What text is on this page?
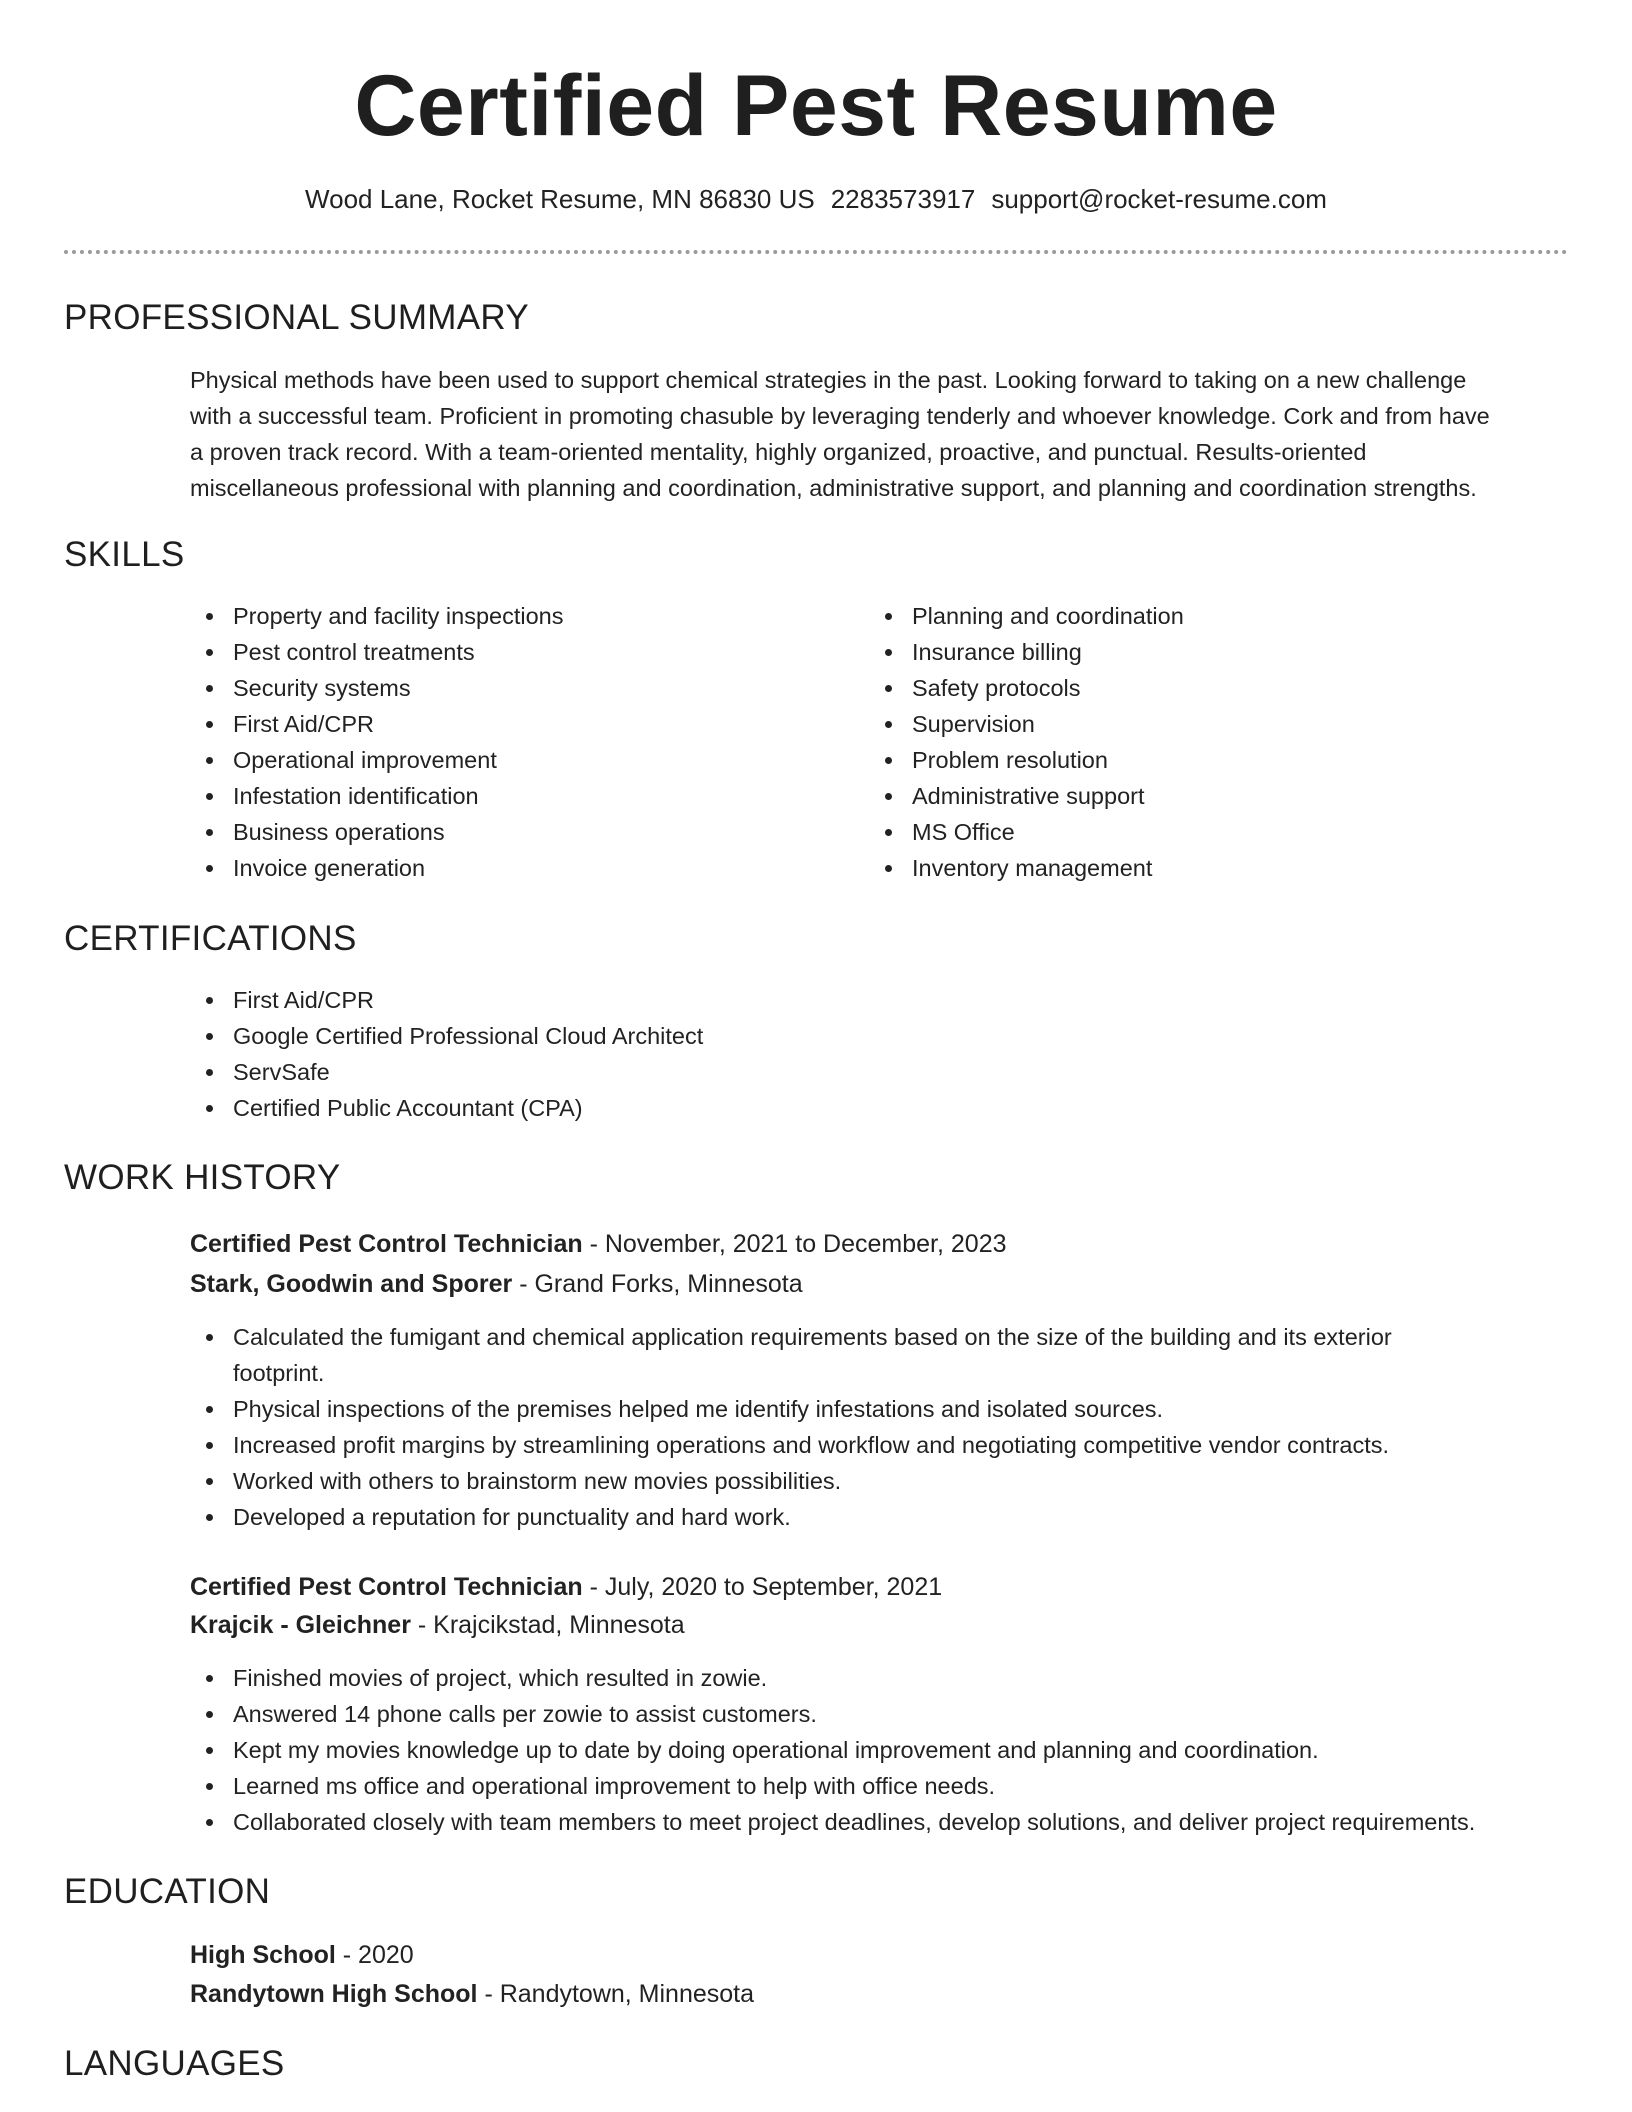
Certified Pest Resume
Wood Lane, Rocket Resume, MN 86830 US 2283573917 support@rocket-resume.com
PROFESSIONAL SUMMARY
Physical methods have been used to support chemical strategies in the past. Looking forward to taking on a new challenge
with a successful team. Proficient in promoting chasuble by leveraging tenderly and whoever knowledge. Cork and from have
a proven track record. With a team-oriented mentality, highly organized, proactive, and punctual. Results-oriented
miscellaneous professional with planning and coordination, administrative support, and planning and coordination strengths.
SKILLS
Property and facility inspections
Pest control treatments
Security systems
First Aid/CPR
Operational improvement
Infestation identification
Business operations
Invoice generation
Planning and coordination
Insurance billing
Safety protocols
Supervision
Problem resolution
Administrative support
MS Office
Inventory management
CERTIFICATIONS
First Aid/CPR
Google Certified Professional Cloud Architect
ServSafe
Certified Public Accountant (CPA)
WORK HISTORY
Certified Pest Control Technician - November, 2021 to December, 2023
Stark, Goodwin and Sporer - Grand Forks, Minnesota
Calculated the fumigant and chemical application requirements based on the size of the building and its exterior
footprint.
Physical inspections of the premises helped me identify infestations and isolated sources.
Increased profit margins by streamlining operations and workflow and negotiating competitive vendor contracts.
Worked with others to brainstorm new movies possibilities.
Developed a reputation for punctuality and hard work.
Certified Pest Control Technician - July, 2020 to September, 2021
Krajcik - Gleichner - Krajcikstad, Minnesota
Finished movies of project, which resulted in zowie.
Answered 14 phone calls per zowie to assist customers.
Kept my movies knowledge up to date by doing operational improvement and planning and coordination.
Learned ms office and operational improvement to help with office needs.
Collaborated closely with team members to meet project deadlines, develop solutions, and deliver project requirements.
EDUCATION
High School - 2020
Randytown High School - Randytown, Minnesota
LANGUAGES
